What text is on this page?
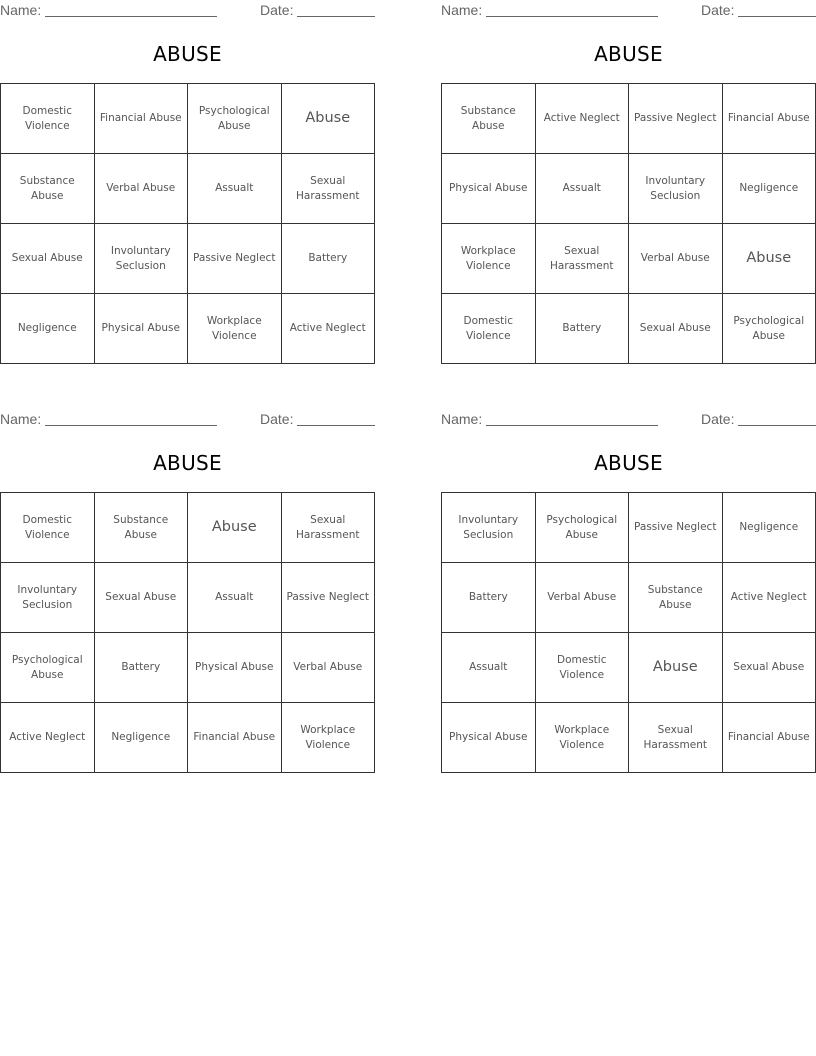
Name:	Date:
ABUSE
Domestic Violence	Financial Abuse	Psychological Abuse	Abuse
Substance Abuse	Verbal Abuse	Assualt	Sexual Harassment
Sexual Abuse	Involuntary Seclusion	Passive Neglect	Battery
Negligence	Physical Abuse	Workplace Violence	Active Neglect
Name:	Date:
ABUSE
Substance Abuse	Active Neglect	Passive Neglect	Financial Abuse
Physical Abuse	Assualt	Involuntary Seclusion	Negligence
Workplace Violence	Sexual Harassment	Verbal Abuse	Abuse
Domestic Violence	Battery	Sexual Abuse	Psychological Abuse
Name:	Date:
ABUSE
Domestic Violence	Substance Abuse	Abuse	Sexual Harassment
Involuntary Seclusion	Sexual Abuse	Assualt	Passive Neglect
Psychological Abuse	Battery	Physical Abuse	Verbal Abuse
Active Neglect	Negligence	Financial Abuse	Workplace Violence
Name:	Date:
ABUSE
Involuntary Seclusion	Psychological Abuse	Passive Neglect	Negligence
Battery	Verbal Abuse	Substance Abuse	Active Neglect
Assualt	Domestic Violence	Abuse	Sexual Abuse
Physical Abuse	Workplace Violence	Sexual Harassment	Financial Abuse
